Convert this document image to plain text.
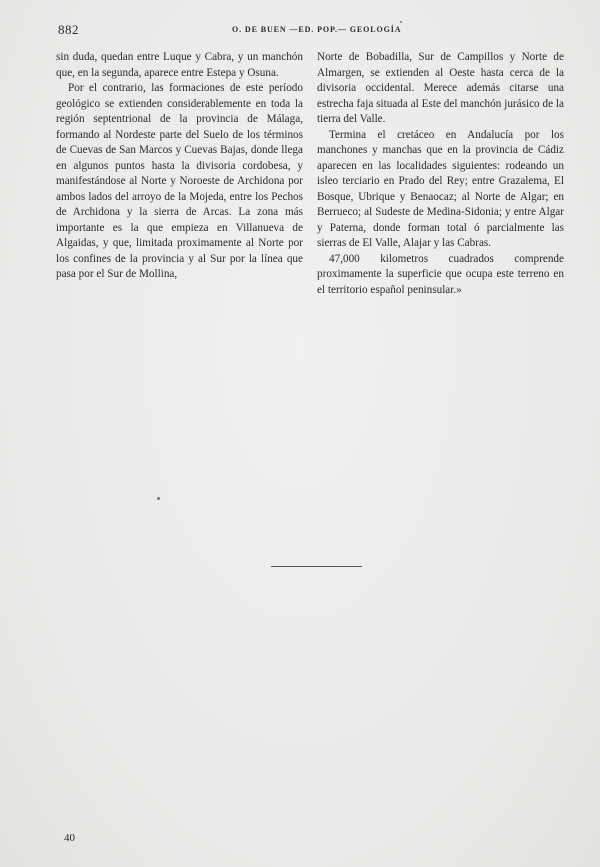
882	O. DE BUEN —ED. POP.— GEOLOGÍA

sin duda, quedan entre Luque y Cabra, y un manchón que, en la segunda, aparece entre Estepa y Osuna.

Por el contrario, las formaciones de este período geológico se extienden considerablemente en toda la región septentrional de la provincia de Málaga, formando al Nordeste parte del Suelo de los términos de Cuevas de San Marcos y Cuevas Bajas, donde llega en algunos puntos hasta la divisoria cordobesa, y manifestándose al Norte y Noroeste de Archidona por ambos lados del arroyo de la Mojeda, entre los Pechos de Archidona y la sierra de Arcas. La zona más importante es la que empieza en Villanueva de Algaidas, y que, limitada proximamente al Norte por los confines de la provincia y al Sur por la línea que pasa por el Sur de Mollina,

Norte de Bobadilla, Sur de Campillos y Norte de Almargen, se extienden al Oeste hasta cerca de la divisoria occidental. Merece además citarse una estrecha faja situada al Este del manchón jurásico de la tierra del Valle.

Termina el cretáceo en Andalucía por los manchones y manchas que en la provincia de Cádiz aparecen en las localidades siguientes: rodeando un isleo terciario en Prado del Rey; entre Grazalema, El Bosque, Ubrique y Benaocaz; al Norte de Algar; en Berrueco; al Sudeste de Medina-Sidonia; y entre Algar y Paterna, donde forman total ó parcialmente las sierras de El Valle, Alajar y las Cabras.

47,000 kilometros cuadrados comprende proximamente la superficie que ocupa este terreno en el territorio español peninsular.»

40
